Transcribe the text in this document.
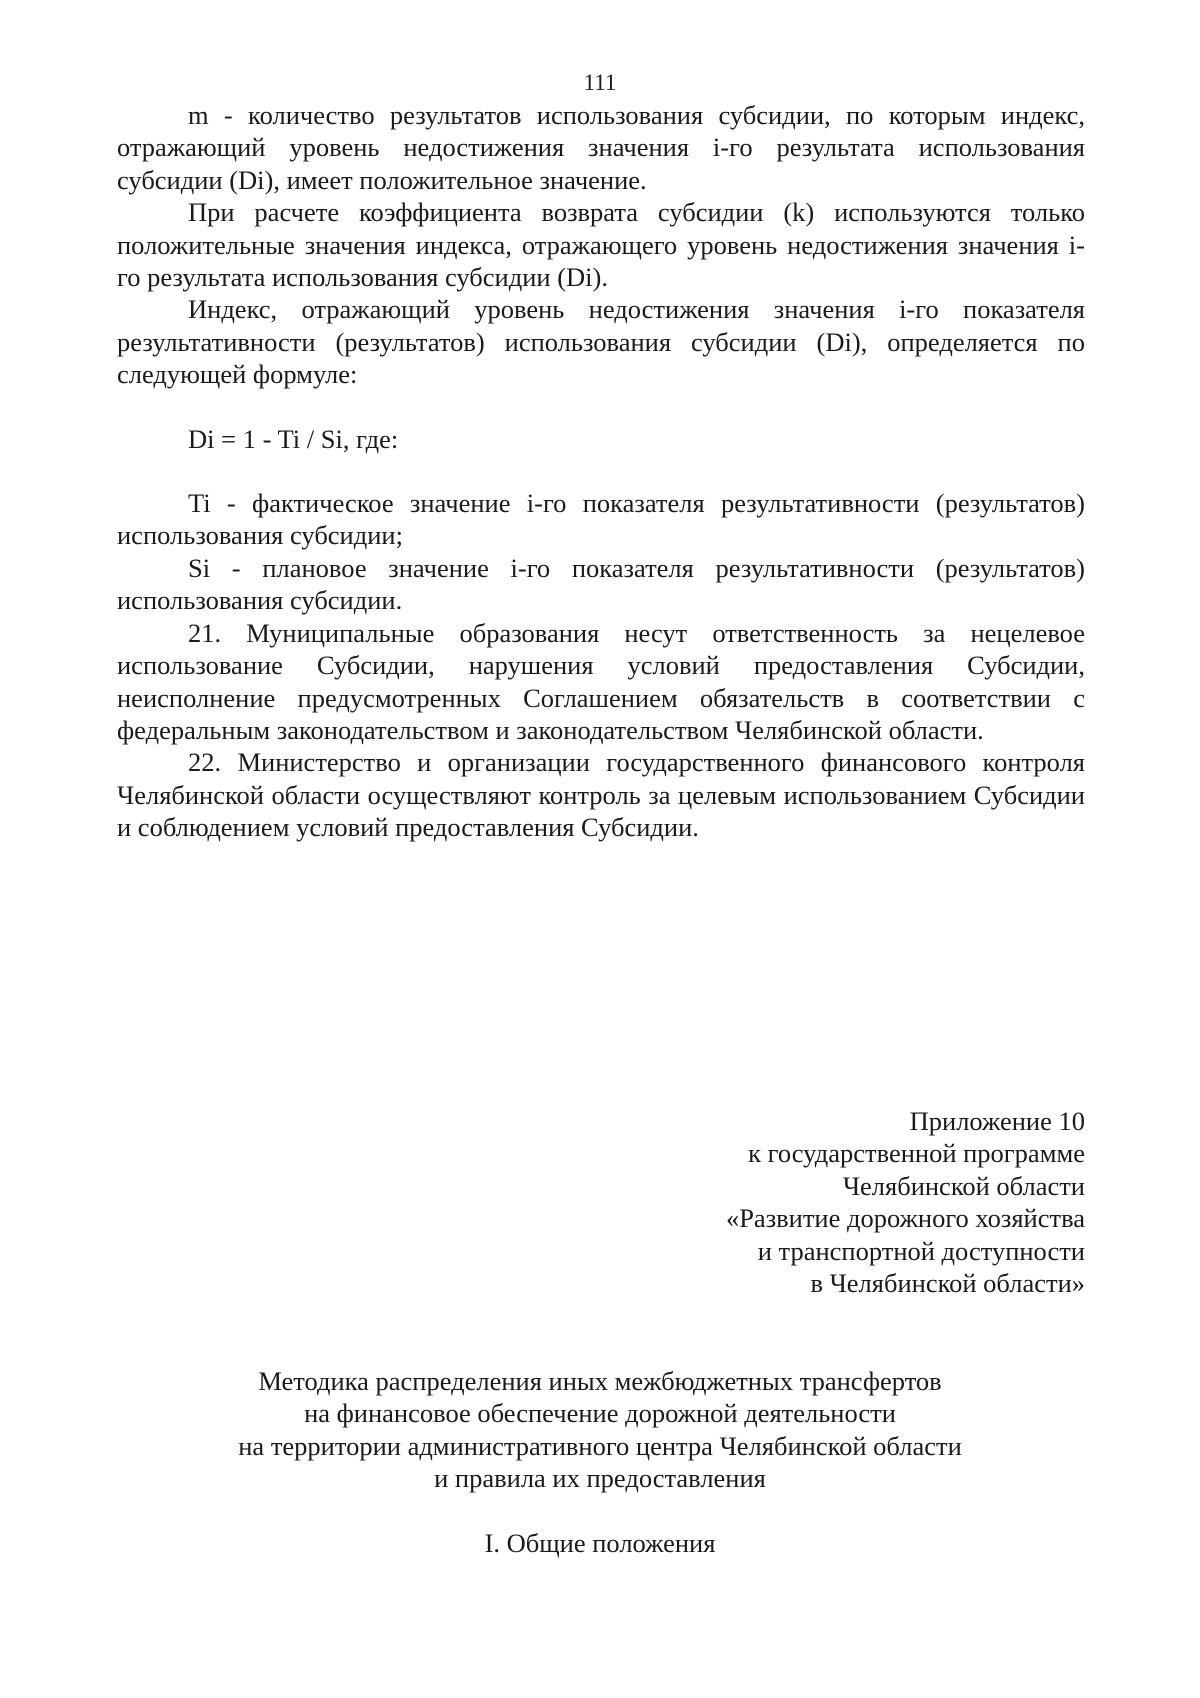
111

m - количество результатов использования субсидии, по которым индекс, отражающий уровень недостижения значения i-го результата использования субсидии (Di), имеет положительное значение.

При расчете коэффициента возврата субсидии (k) используются только положительные значения индекса, отражающего уровень недостижения значения i-го результата использования субсидии (Di).

Индекс, отражающий уровень недостижения значения i-го показателя результативности (результатов) использования субсидии (Di), определяется по следующей формуле:

Di = 1 - Ti / Si, где:

Ti - фактическое значение i-го показателя результативности (результатов) использования субсидии;

Si - плановое значение i-го показателя результативности (результатов) использования субсидии.

21. Муниципальные образования несут ответственность за нецелевое использование Субсидии, нарушения условий предоставления Субсидии, неисполнение предусмотренных Соглашением обязательств в соответствии с федеральным законодательством и законодательством Челябинской области.

22. Министерство и организации государственного финансового контроля Челябинской области осуществляют контроль за целевым использованием Субсидии и соблюдением условий предоставления Субсидии.

Приложение 10
к государственной программе
Челябинской области
«Развитие дорожного хозяйства
и транспортной доступности
в Челябинской области»
Методика распределения иных межбюджетных трансфертов
на финансовое обеспечение дорожной деятельности
на территории административного центра Челябинской области
и правила их предоставления
I. Общие положения
